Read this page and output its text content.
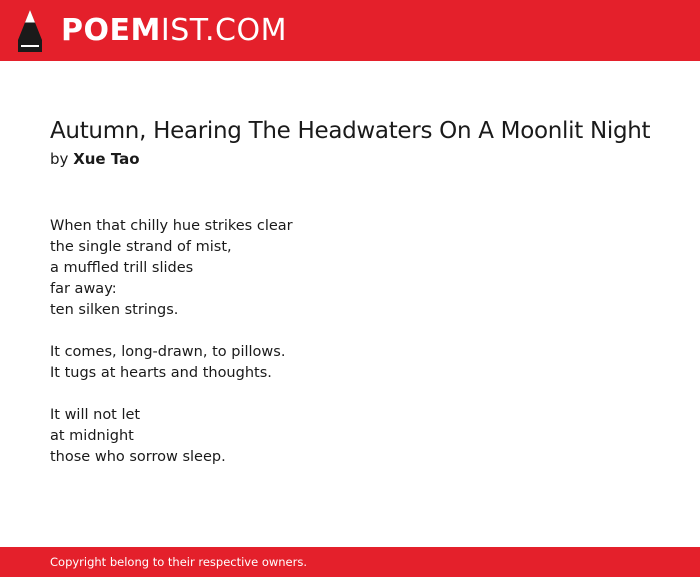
POEMIST.COM
Autumn, Hearing The Headwaters On A Moonlit Night
by Xue Tao

When that chilly hue strikes clear
the single strand of mist,
a muffled trill slides
far away:
ten silken strings.

It comes, long-drawn, to pillows.
It tugs at hearts and thoughts.

It will not let
at midnight
those who sorrow sleep.

Copyright belong to their respective owners.
